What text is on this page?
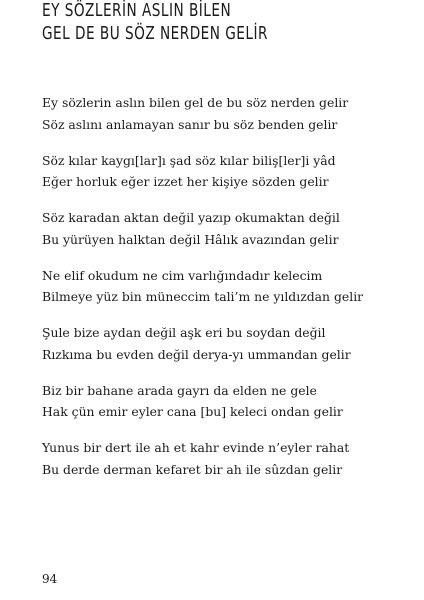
EY SÖZLERİN ASLIN BİLEN
GEL DE BU SÖZ NERDEN GELİR

Ey sözlerin aslın bilen gel de bu söz nerden gelir
Söz aslını anlamayan sanır bu söz benden gelir

Söz kılar kaygı[lar]ı şad söz kılar biliş[ler]i yâd
Eğer horluk eğer izzet her kişiye sözden gelir

Söz karadan aktan değil yazıp okumaktan değil
Bu yürüyen halktan değil Hâlık avazından gelir

Ne elif okudum ne cim varlığındadır kelecim
Bilmeye yüz bin müneccim tali’m ne yıldızdan gelir

Şule bize aydan değil aşk eri bu soydan değil
Rızkıma bu evden değil derya-yı ummandan gelir

Biz bir bahane arada gayrı da elden ne gele
Hak çün emir eyler cana [bu] keleci ondan gelir

Yunus bir dert ile ah et kahr evinde n’eyler rahat
Bu derde derman kefaret bir ah ile sûzdan gelir

94
